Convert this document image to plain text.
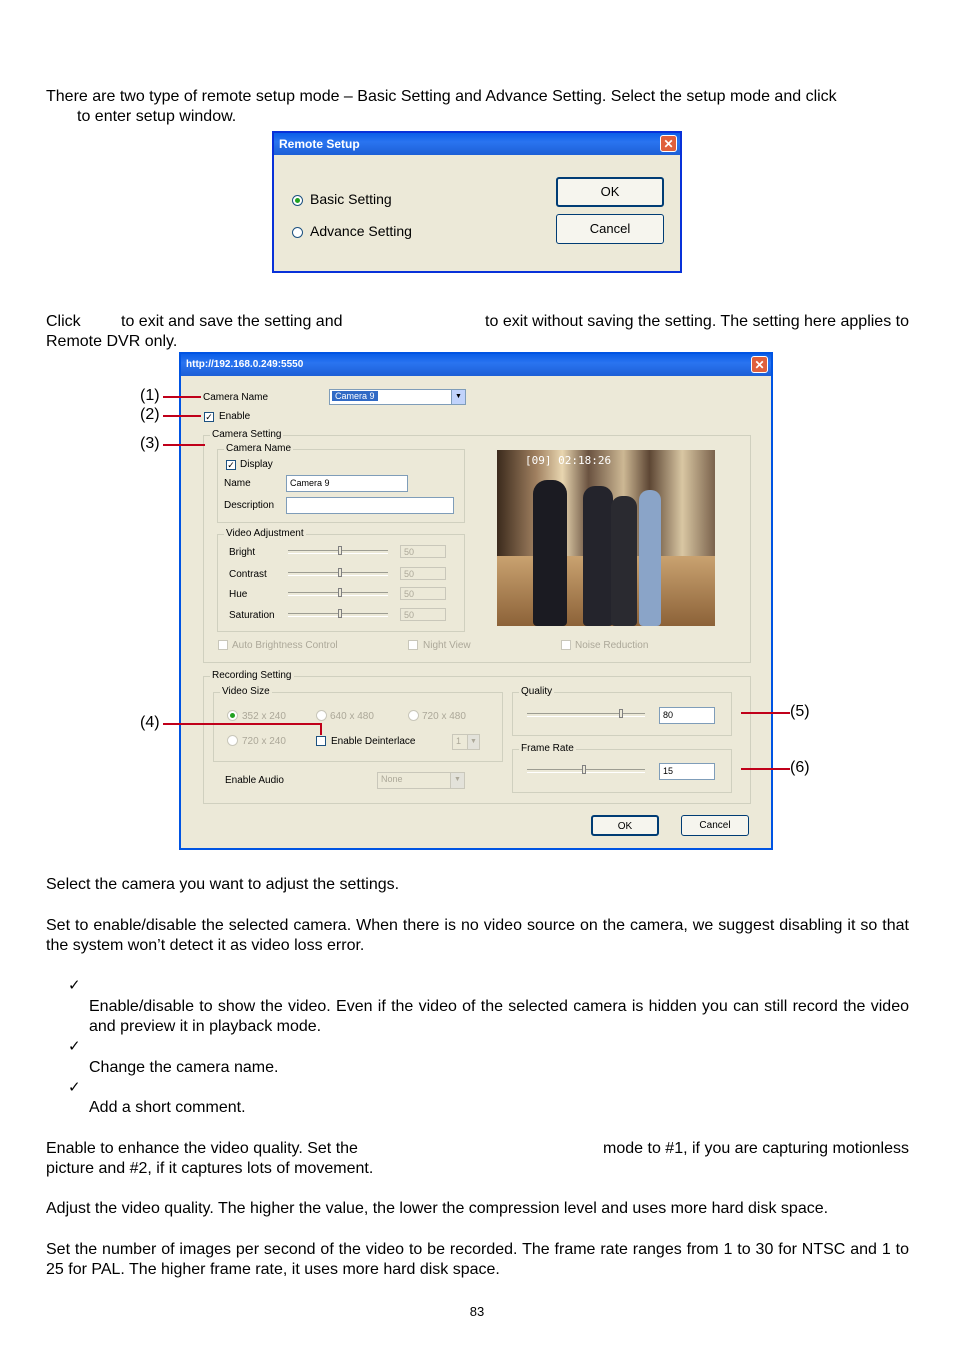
There are two type of remote setup mode – Basic Setting and Advance Setting. Select the setup mode and click

to enter setup window.

Remote Setup	✕
Basic Setting
Advance Setting
OK
Cancel

Click	to exit and save the setting and	to exit without saving the setting. The setting here applies to

Remote DVR only.

http://192.168.0.249:5550	✕
Camera Name	Camera 9	▼
✓ Enable
Camera Setting
Camera Name
✓ Display
Name	Camera 9
Description
Video Adjustment
Bright	50
Contrast	50
Hue	50
Saturation	50
[09] 02:18:26
Auto Brightness Control	Night View	Noise Reduction
Recording Setting
Video Size
352 x 240	640 x 480	720 x 480
720 x 240	Enable Deinterlace	1	▼
Enable Audio	None	▼
Quality
80
Frame Rate
15
OK	Cancel
(1)
(2)
(3)
(4)
(5)
(6)

Select the camera you want to adjust the settings.

Set to enable/disable the selected camera. When there is no video source on the camera, we suggest disabling it so that the system won’t detect it as video loss error.

✓

Enable/disable to show the video. Even if the video of the selected camera is hidden you can still record the video and preview it in playback mode.

✓

Change the camera name.

✓

Add a short comment.

Enable to enhance the video quality. Set the	mode to #1, if you are capturing motionless

picture and #2, if it captures lots of movement.

Adjust the video quality. The higher the value, the lower the compression level and uses more hard disk space.

Set the number of images per second of the video to be recorded. The frame rate ranges from 1 to 30 for NTSC and 1 to 25 for PAL. The higher frame rate, it uses more hard disk space.

83
